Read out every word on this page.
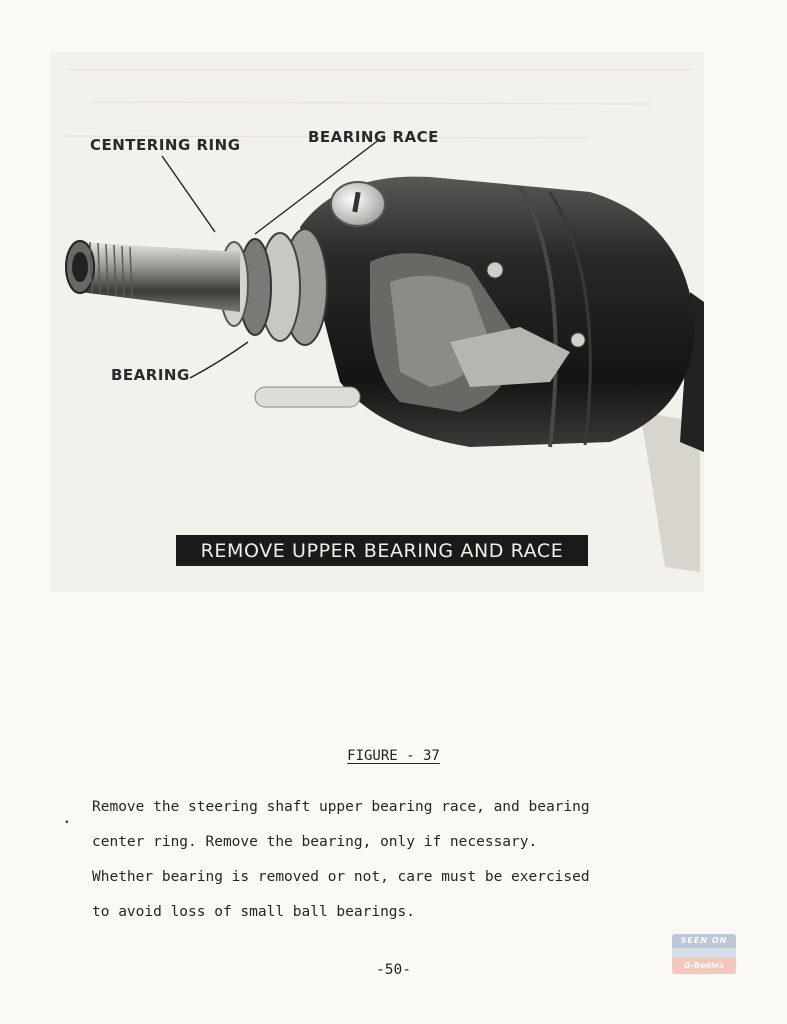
CENTERING RING	BEARING RACE
BEARING
REMOVE UPPER BEARING AND RACE
FIGURE - 37
.
Remove the steering shaft upper bearing race, and bearing
center ring. Remove the bearing, only if necessary.
Whether bearing is removed or not, care must be exercised
to avoid loss of small ball bearings.
-50-
SEEN ON
G-Bodies
